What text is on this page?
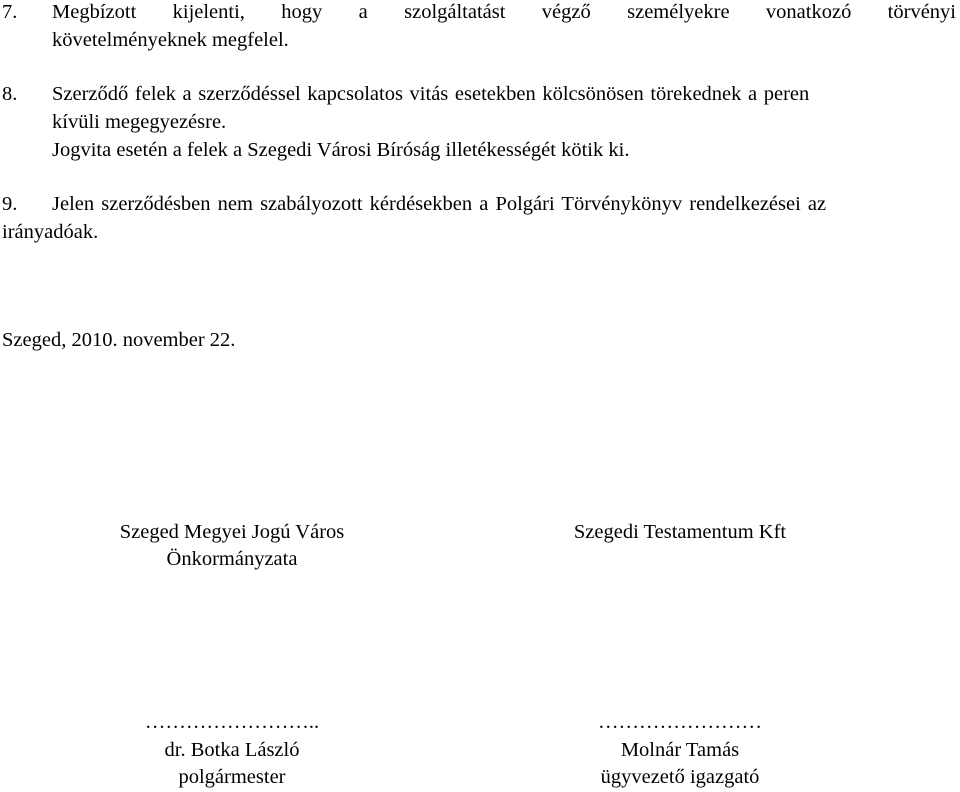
7. Megbízott kijelenti, hogy a szolgáltatást végző személyekre vonatkozó törvényi
követelményeknek megfelel.
8. Szerződő felek a szerződéssel kapcsolatos vitás esetekben kölcsönösen törekednek a peren
kívüli megegyezésre.
Jogvita esetén a felek a Szegedi Városi Bíróság illetékességét kötik ki.
9. Jelen szerződésben nem szabályozott kérdésekben a Polgári Törvénykönyv rendelkezései az
irányadóak.
Szeged, 2010. november 22.
Szeged Megyei Jogú Város
Önkormányzata
……………………..
dr. Botka László
polgármester
Szegedi Testamentum Kft
……………………
Molnár Tamás
ügyvezető igazgató
